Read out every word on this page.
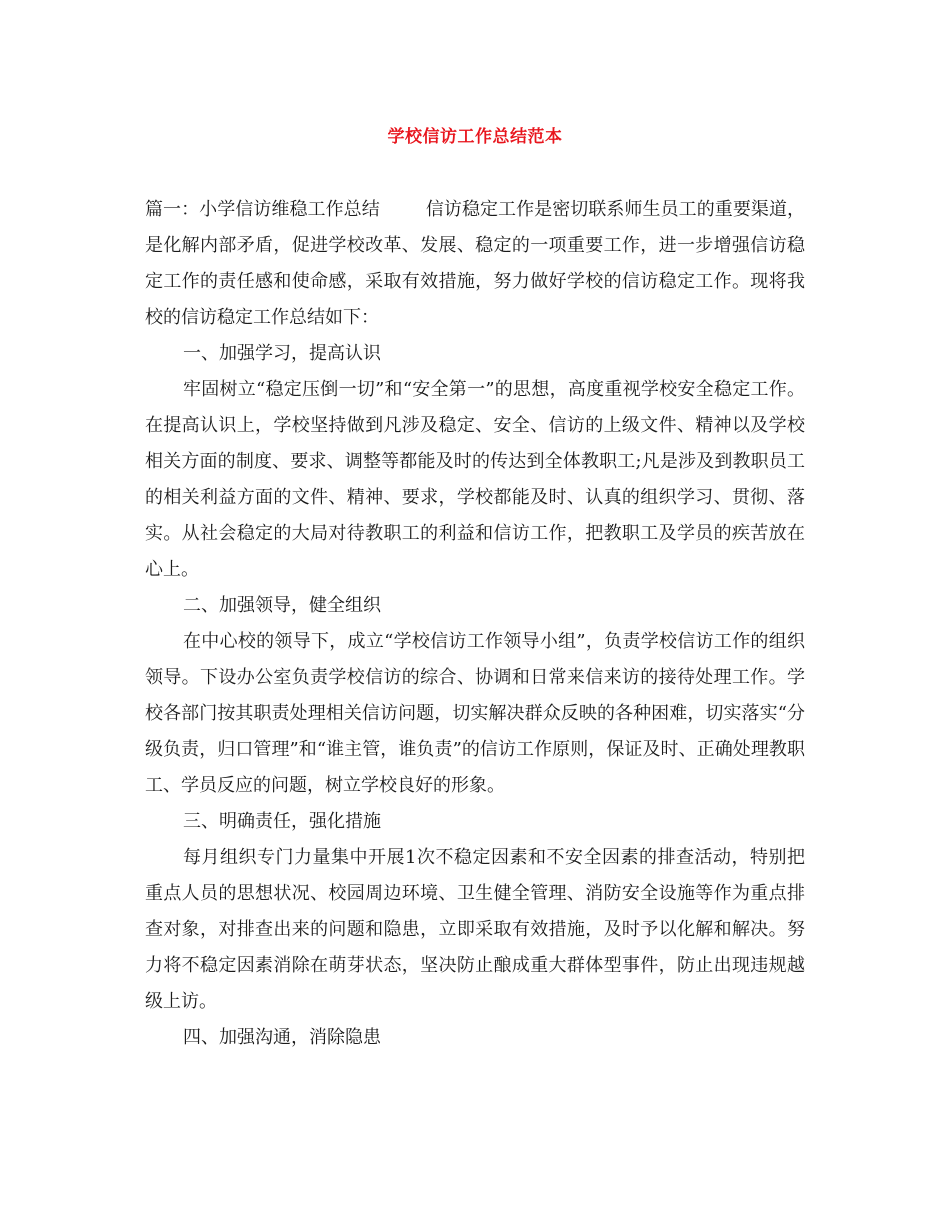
学校信访工作总结范本

篇一：小学信访维稳工作总结	信访稳定工作是密切联系师生员工的重要渠道，是化解内部矛盾，促进学校改革、发展、稳定的一项重要工作，进一步增强信访稳定工作的责任感和使命感，采取有效措施，努力做好学校的信访稳定工作。现将我校的信访稳定工作总结如下：

一、加强学习，提高认识

牢固树立“稳定压倒一切”和“安全第一”的思想，高度重视学校安全稳定工作。在提高认识上，学校坚持做到凡涉及稳定、安全、信访的上级文件、精神以及学校相关方面的制度、要求、调整等都能及时的传达到全体教职工;凡是涉及到教职员工的相关利益方面的文件、精神、要求，学校都能及时、认真的组织学习、贯彻、落实。从社会稳定的大局对待教职工的利益和信访工作，把教职工及学员的疾苦放在心上。

二、加强领导，健全组织

在中心校的领导下，成立“学校信访工作领导小组”，负责学校信访工作的组织领导。下设办公室负责学校信访的综合、协调和日常来信来访的接待处理工作。学校各部门按其职责处理相关信访问题，切实解决群众反映的各种困难，切实落实“分级负责，归口管理”和“谁主管，谁负责”的信访工作原则，保证及时、正确处理教职工、学员反应的问题，树立学校良好的形象。

三、明确责任，强化措施

每月组织专门力量集中开展1次不稳定因素和不安全因素的排查活动，特别把重点人员的思想状况、校园周边环境、卫生健全管理、消防安全设施等作为重点排查对象，对排查出来的问题和隐患，立即采取有效措施，及时予以化解和解决。努力将不稳定因素消除在萌芽状态，坚决防止酿成重大群体型事件，防止出现违规越级上访。

四、加强沟通，消除隐患
